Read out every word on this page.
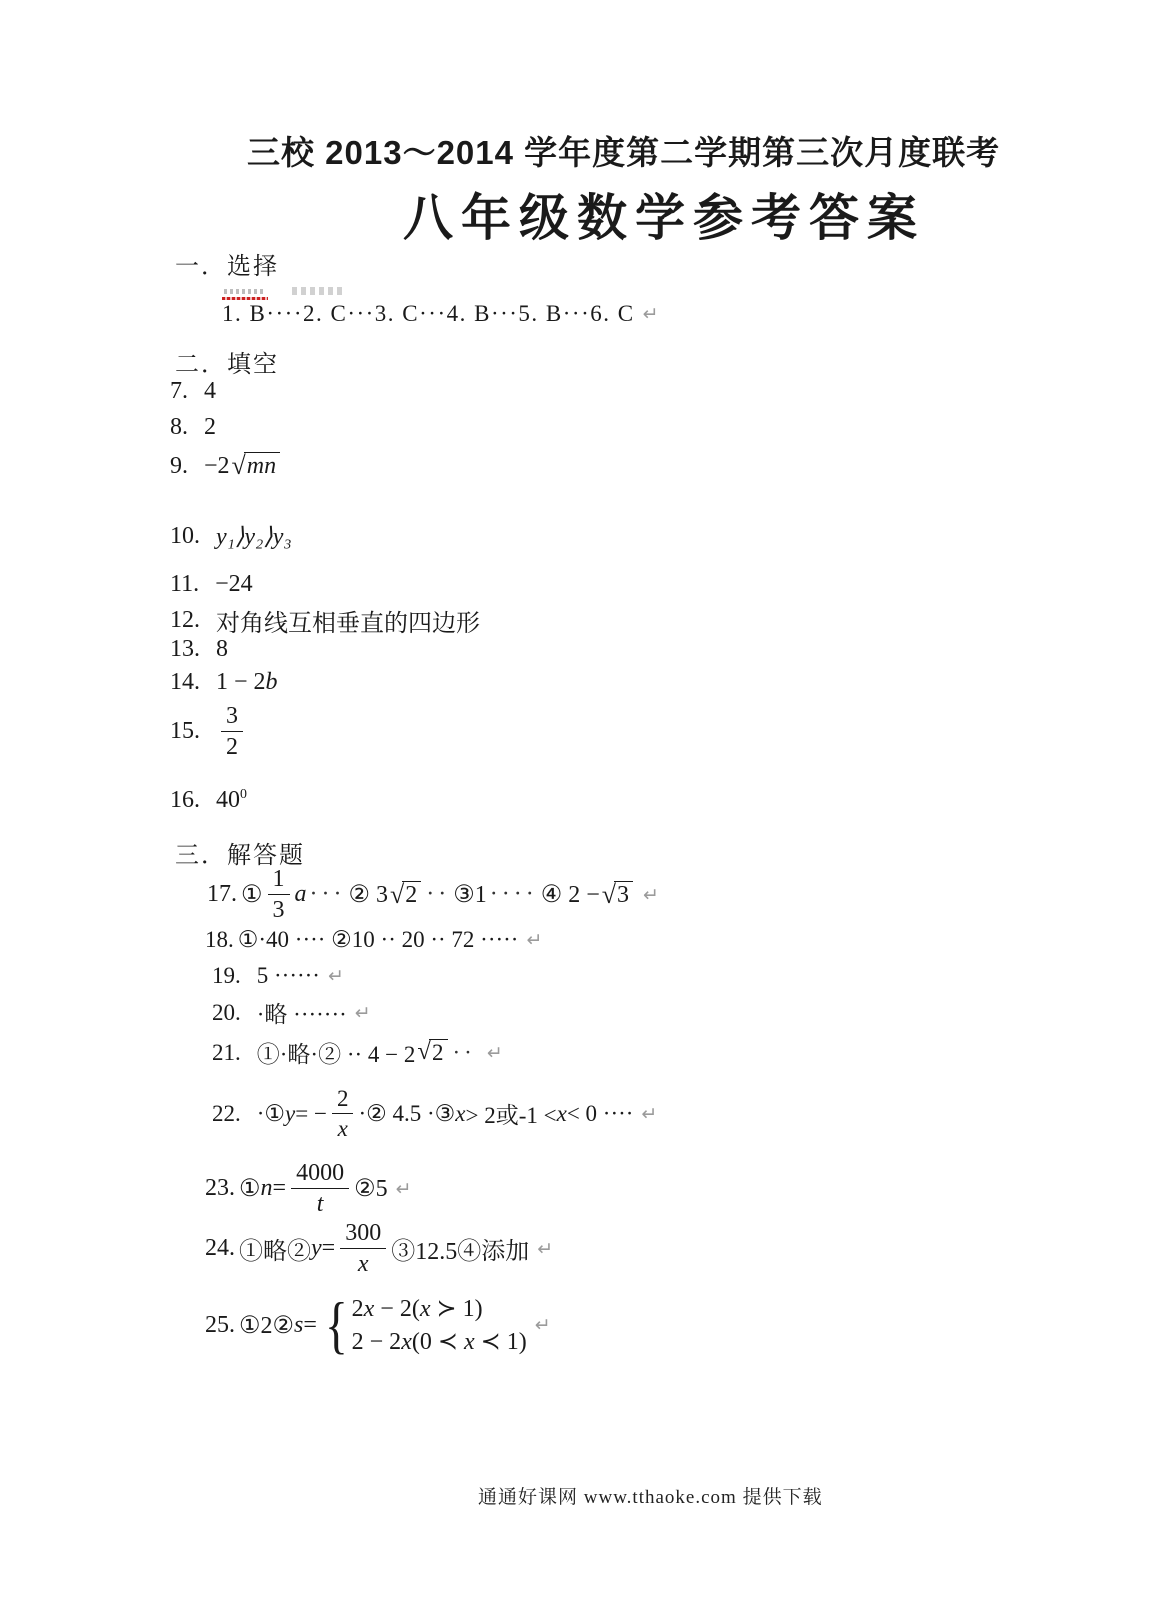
三校 2013～2014 学年度第二学期第三次月度联考
八年级数学参考答案
一．选择
1. B····2. C···3. C···4. B···5. B···6. C ↵
二．填空
7. 4
8. 2
9. −2 √ mn
10. y₁⟩y₂⟩y₃
11. −24
12. 对角线互相垂直的四边形
13. 8
14. 1 − 2 b
15. $\frac{3}{2}$
16. $40^0$
三．解答题
17. ① $\frac{1}{3}$ a ··· ② 3 √ 2 ·· ③1 ···· ④ 2 − √ 3 ↵
18. ①·40 ···· ②10 ·· 20 ·· 72 ····· ↵
19. 5 ······ ↵
20. ·略 ······· ↵
21. ①·略·② ·· 4 − 2 √ 2 ·· ↵
22. ·① y = − $\frac{2}{x}$ ·② 4.5 ·③ x > 2或-1 < x < 0 ···· ↵
23. ① $n = \frac{4000}{t}$ ②5 ↵
24. ①略② $y = \frac{300}{x}$ ③12.5④添加 ↵
25. ①2② s = { 2x − 2(x ≻ 1)
2 − 2x(0 ≺ x ≺ 1)
↵
通通好课网 www.tthaoke.com 提供下载
